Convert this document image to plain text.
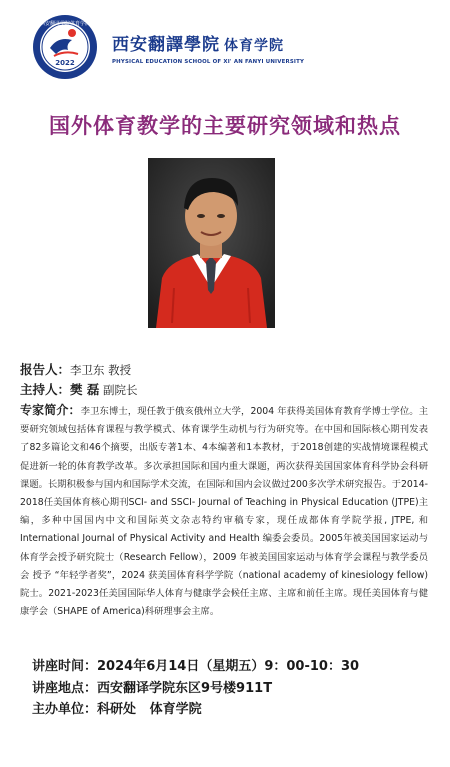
2022
西安翻译学院体育学院
西安翻譯學院 体育学院
PHYSICAL EDUCATION SCHOOL OF XI' AN FANYI UNIVERSITY
国外体育教学的主要研究领域和热点
报告人：李卫东 教授
主持人：樊 磊 副院长
专家简介：李卫东博士，现任教于俄亥俄州立大学，2004 年获得美国体育教育学博士学位。主要研究领域包括体育课程与教学模式、体育课学生动机与行为研究等。在中国和国际核心期刊发表了82多篇论文和46个摘要，出版专著1本、4本编著和1本教材，于2018创建的实战情境课程模式促进新一轮的体育教学改革。多次承担国际和国内重大课题，两次获得美国国家体育科学协会科研课题。长期积极参与国内和国际学术交流，在国际和国内会议做过200多次学术研究报告。于2014-2018任美国体育核心期刊SCI- and SSCI- Journal of Teaching in Physical Education (JTPE)主编，多种中国国内中文和国际英文杂志特约审稿专家，现任成都体育学院学报, JTPE, 和International Journal of Physical Activity and Health 编委会委员。2005年被美国国家运动与体育学会授予研究院士（Research Fellow），2009 年被美国国家运动与体育学会课程与教学委员会 授予 “年轻学者奖”，2024 获美国体育科学学院（national academy of kinesiology fellow)院士。2021-2023任美国国际华人体育与健康学会候任主席、主席和前任主席。现任美国体育与健康学会（SHAPE of America)科研理事会主席。
讲座时间：2024年6月14日（星期五）9：00-10：30
讲座地点：西安翻译学院东区9号楼911T
主办单位：科研处   体育学院
